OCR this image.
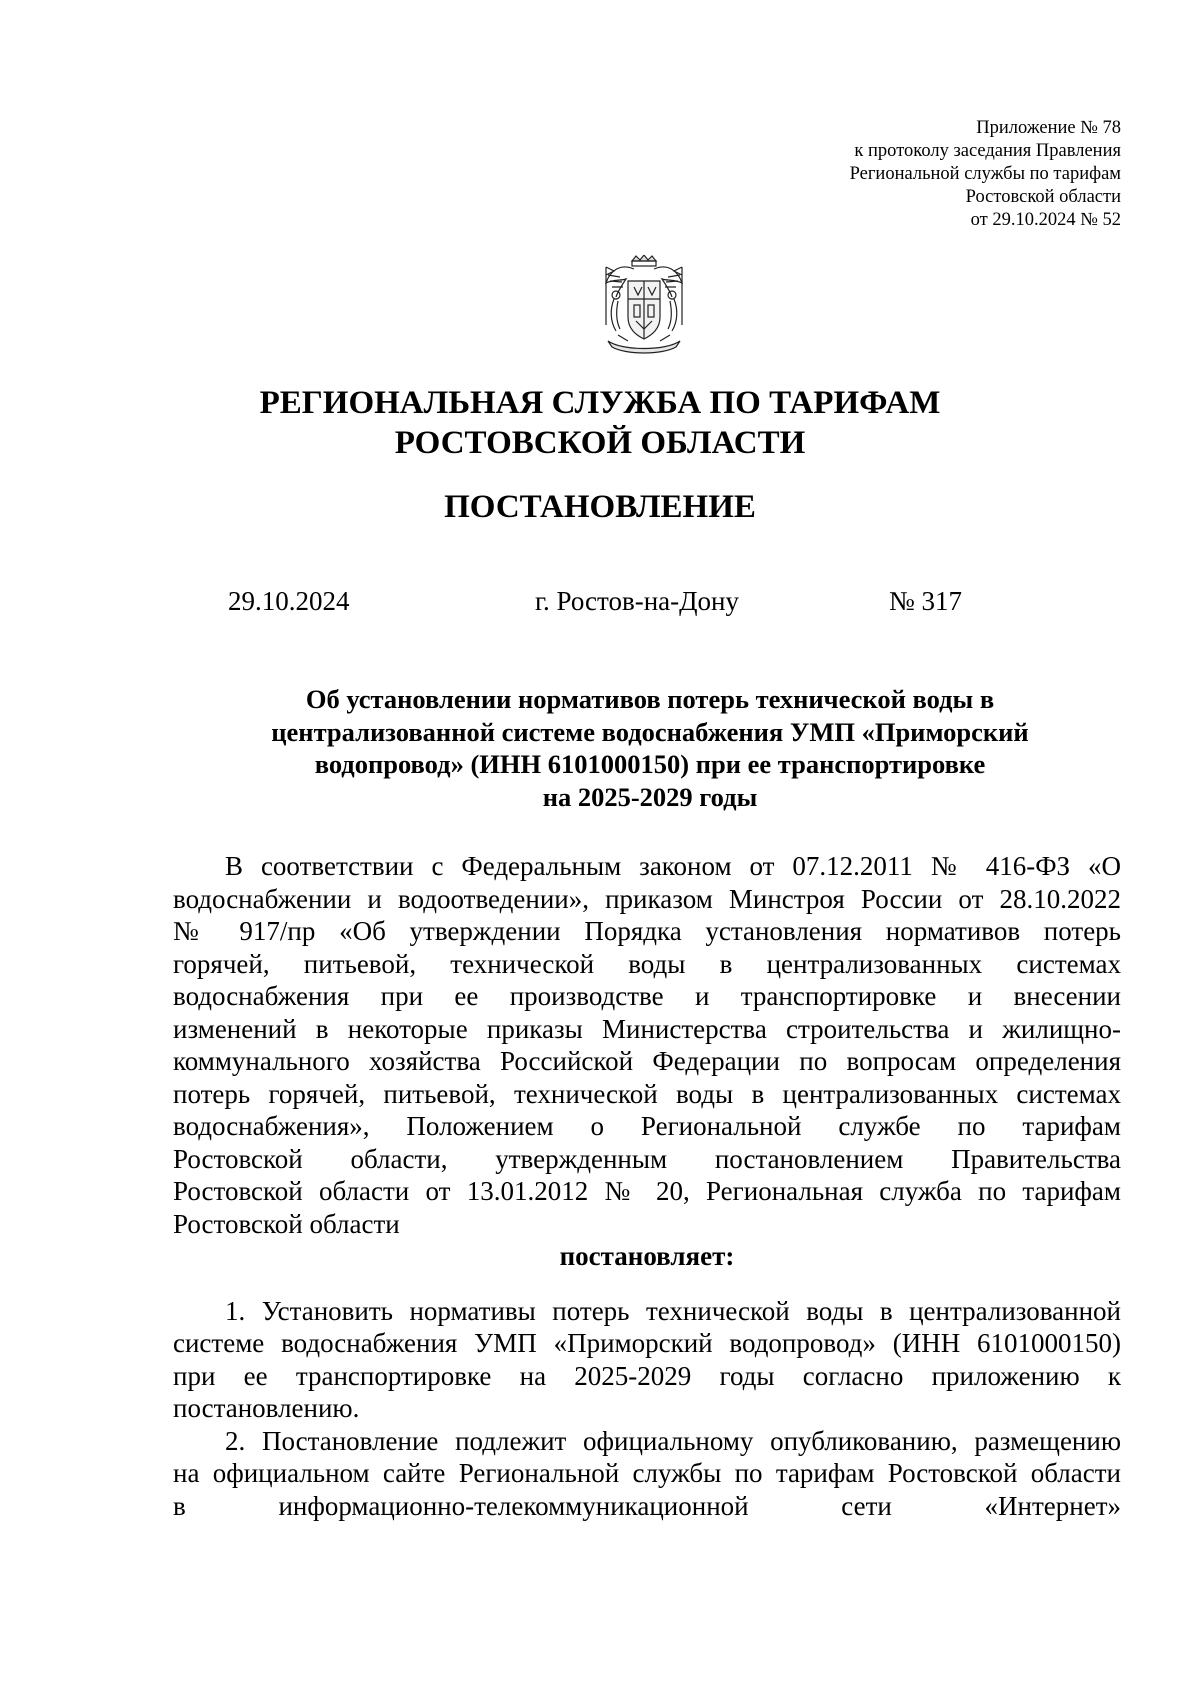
Приложение № 78
к протоколу заседания Правления
Региональной службы по тарифам
Ростовской области
от 29.10.2024 № 52
РЕГИОНАЛЬНАЯ СЛУЖБА ПО ТАРИФАМ
РОСТОВСКОЙ ОБЛАСТИ
ПОСТАНОВЛЕНИЕ
29.10.2024	г. Ростов-на-Дону	№ 317
Об установлении нормативов потерь технической воды в
централизованной системе водоснабжения УМП «Приморский
водопровод» (ИНН 6101000150) при ее транспортировке
на 2025-2029 годы
В соответствии с Федеральным законом от 07.12.2011 № 416-ФЗ «О
водоснабжении и водоотведении», приказом Минстроя России от 28.10.2022
№ 917/пр «Об утверждении Порядка установления нормативов потерь
горячей, питьевой, технической воды в централизованных системах
водоснабжения при ее производстве и транспортировке и внесении
изменений в некоторые приказы Министерства строительства и жилищно-
коммунального хозяйства Российской Федерации по вопросам определения
потерь горячей, питьевой, технической воды в централизованных системах
водоснабжения», Положением о Региональной службе по тарифам
Ростовской области, утвержденным постановлением Правительства
Ростовской области от 13.01.2012 № 20, Региональная служба по тарифам
Ростовской области
постановляет:
1. Установить нормативы потерь технической воды в централизованной
системе водоснабжения УМП «Приморский водопровод» (ИНН 6101000150)
при ее транспортировке на 2025-2029 годы согласно приложению к
постановлению.
2. Постановление подлежит официальному опубликованию, размещению
на официальном сайте Региональной службы по тарифам Ростовской области
в информационно-телекоммуникационной сети «Интернет»
